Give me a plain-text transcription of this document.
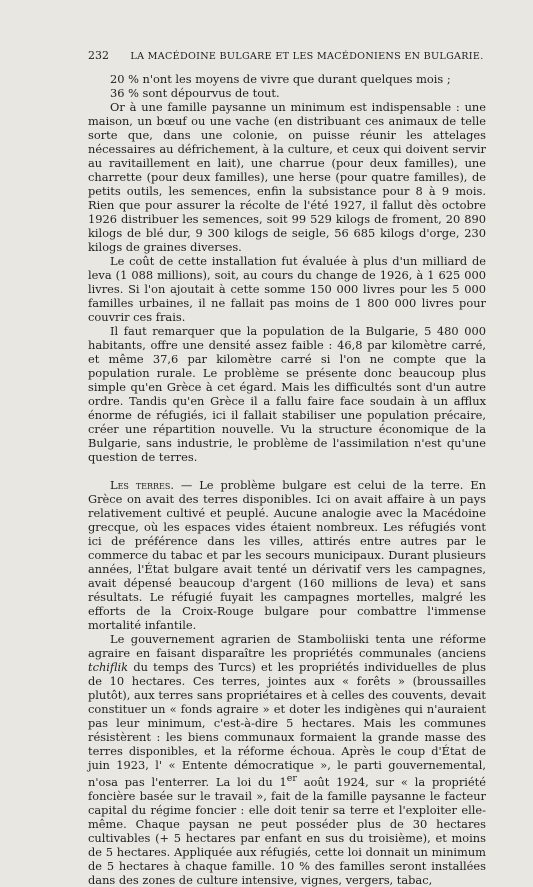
232	LA MACÉDOINE BULGARE ET LES MACÉDONIENS EN BULGARIE.

20 % n'ont les moyens de vivre que durant quelques mois ;

36 % sont dépourvus de tout.

Or à une famille paysanne un minimum est indispensable : une maison, un bœuf ou une vache (en distribuant ces animaux de telle sorte que, dans une colonie, on puisse réunir les attelages nécessaires au défrichement, à la culture, et ceux qui doivent servir au ravitaillement en lait), une charrue (pour deux familles), une charrette (pour deux familles), une herse (pour quatre familles), de petits outils, les semences, enfin la subsistance pour 8 à 9 mois. Rien que pour assurer la récolte de l'été 1927, il fallut dès octobre 1926 distribuer les semences, soit 99 529 kilogs de froment, 20 890 kilogs de blé dur, 9 300 kilogs de seigle, 56 685 kilogs d'orge, 230 kilogs de graines diverses.

Le coût de cette installation fut évaluée à plus d'un milliard de leva (1 088 millions), soit, au cours du change de 1926, à 1 625 000 livres. Si l'on ajoutait à cette somme 150 000 livres pour les 5 000 familles urbaines, il ne fallait pas moins de 1 800 000 livres pour couvrir ces frais.

Il faut remarquer que la population de la Bulgarie, 5 480 000 habitants, offre une densité assez faible : 46,8 par kilomètre carré, et même 37,6 par kilomètre carré si l'on ne compte que la population rurale. Le problème se présente donc beaucoup plus simple qu'en Grèce à cet égard. Mais les difficultés sont d'un autre ordre. Tandis qu'en Grèce il a fallu faire face soudain à un afflux énorme de réfugiés, ici il fallait stabiliser une population précaire, créer une répartition nouvelle. Vu la structure économique de la Bulgarie, sans industrie, le problème de l'assimilation n'est qu'une question de terres.

Les terres. — Le problème bulgare est celui de la terre. En Grèce on avait des terres disponibles. Ici on avait affaire à un pays relativement cultivé et peuplé. Aucune analogie avec la Macédoine grecque, où les espaces vides étaient nombreux. Les réfugiés vont ici de préférence dans les villes, attirés entre autres par le commerce du tabac et par les secours municipaux. Durant plusieurs années, l'État bulgare avait tenté un dérivatif vers les campagnes, avait dépensé beaucoup d'argent (160 millions de leva) et sans résultats. Le réfugié fuyait les campagnes mortelles, malgré les efforts de la Croix-Rouge bulgare pour combattre l'immense mortalité infantile.

Le gouvernement agrarien de Stamboliiski tenta une réforme agraire en faisant disparaître les propriétés communales (anciens tchiflik du temps des Turcs) et les propriétés individuelles de plus de 10 hectares. Ces terres, jointes aux « forêts » (broussailles plutôt), aux terres sans propriétaires et à celles des couvents, devait constituer un « fonds agraire » et doter les indigènes qui n'auraient pas leur minimum, c'est-à-dire 5 hectares. Mais les communes résistèrent : les biens communaux formaient la grande masse des terres disponibles, et la réforme échoua. Après le coup d'État de juin 1923, l' « Entente démocratique », le parti gouvernemental, n'osa pas l'enterrer. La loi du 1er août 1924, sur « la propriété foncière basée sur le travail », fait de la famille paysanne le facteur capital du régime foncier : elle doit tenir sa terre et l'exploiter elle-même. Chaque paysan ne peut posséder plus de 30 hectares cultivables (+ 5 hectares par enfant en sus du troisième), et moins de 5 hectares. Appliquée aux réfugiés, cette loi donnait un minimum de 5 hectares à chaque famille. 10 % des familles seront installées dans des zones de culture intensive, vignes, vergers, tabac,
